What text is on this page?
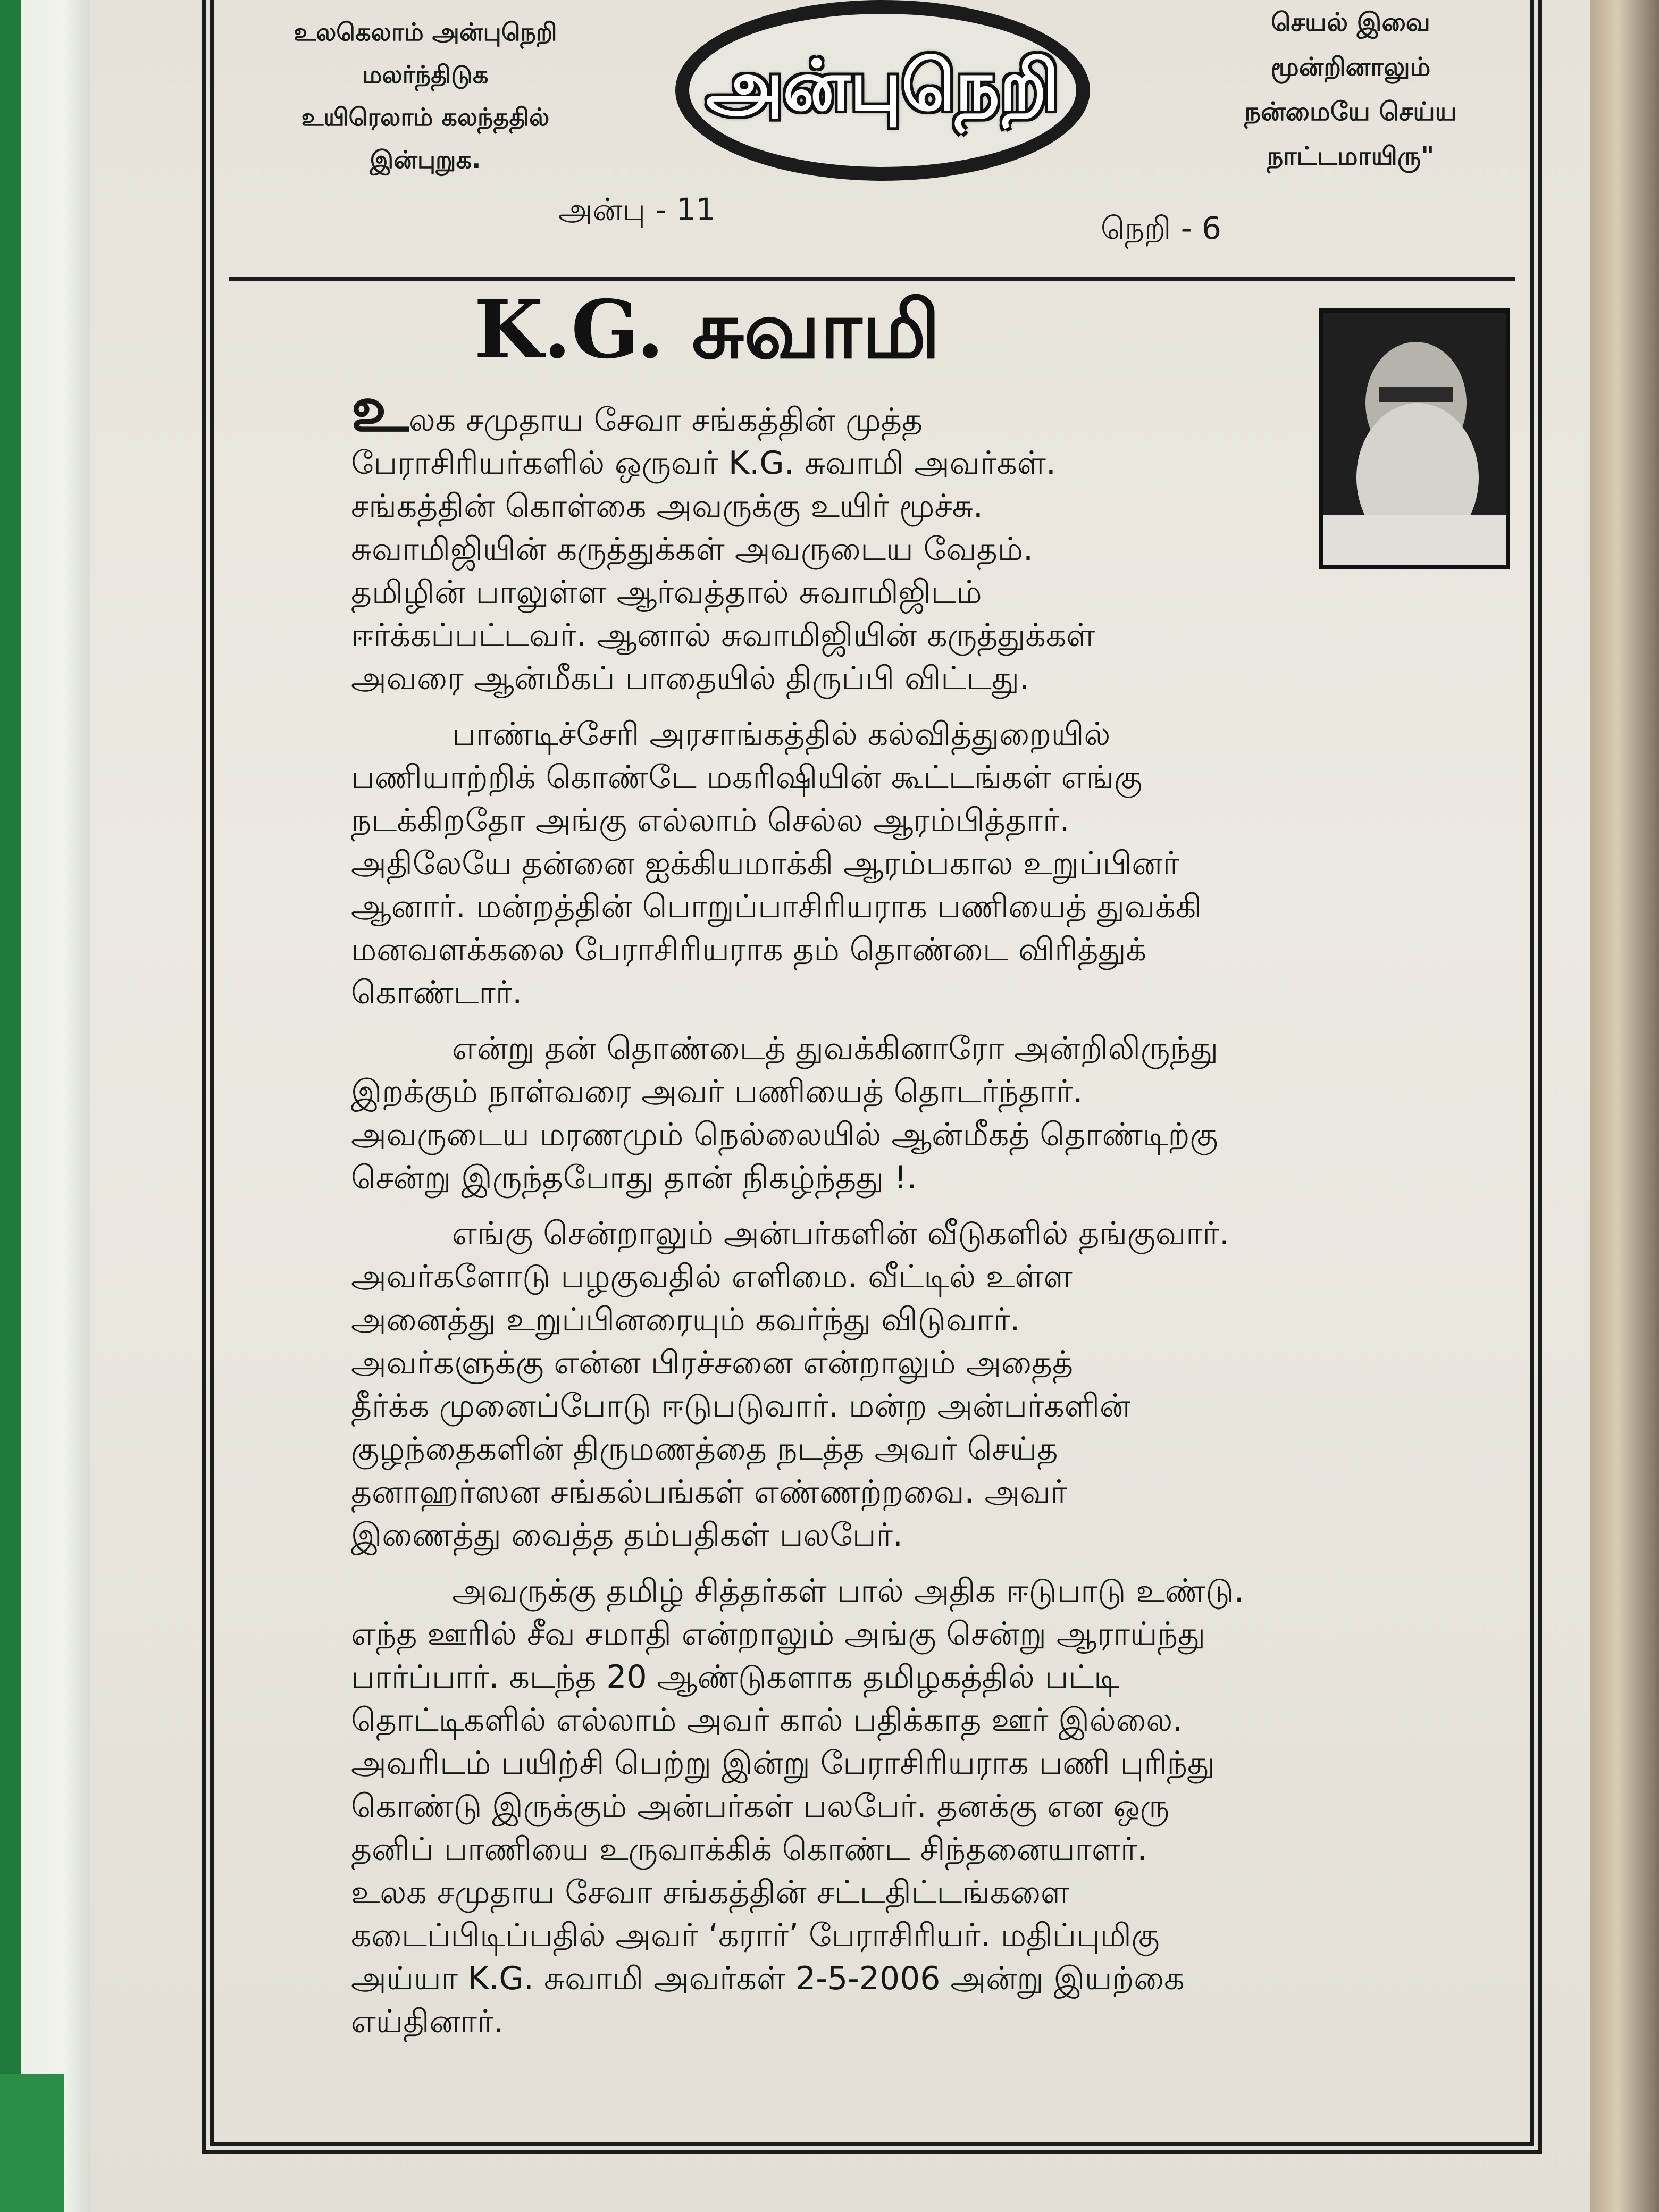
உலகெலாம் அன்புநெறி
மலர்ந்திடுக
உயிரெலாம் கலந்ததில்
இன்புறுக.
அன்புநெறி
செயல் இவை
மூன்றினாலும்
நன்மையே செய்ய
நாட்டமாயிரு"
அன்பு - 11
நெறி - 6
K.G. சுவாமி

உலக சமுதாய சேவா சங்கத்தின் முத்த
பேராசிரியர்களில் ஒருவர் K.G. சுவாமி அவர்கள்.
சங்கத்தின் கொள்கை அவருக்கு உயிர் மூச்சு.
சுவாமிஜியின் கருத்துக்கள் அவருடைய வேதம்.
தமிழின் பாலுள்ள ஆர்வத்தால் சுவாமிஜிடம்
ஈர்க்கப்பட்டவர். ஆனால் சுவாமிஜியின் கருத்துக்கள்
அவரை ஆன்மீகப் பாதையில் திருப்பி விட்டது.

பாண்டிச்சேரி அரசாங்கத்தில் கல்வித்துறையில்
பணியாற்றிக் கொண்டே மகரிஷியின் கூட்டங்கள் எங்கு
நடக்கிறதோ அங்கு எல்லாம் செல்ல ஆரம்பித்தார்.
அதிலேயே தன்னை ஐக்கியமாக்கி ஆரம்பகால உறுப்பினர்
ஆனார். மன்றத்தின் பொறுப்பாசிரியராக பணியைத் துவக்கி
மனவளக்கலை பேராசிரியராக தம் தொண்டை விரித்துக்
கொண்டார்.

என்று தன் தொண்டைத் துவக்கினாரோ அன்றிலிருந்து
இறக்கும் நாள்வரை அவர் பணியைத் தொடர்ந்தார்.
அவருடைய மரணமும் நெல்லையில் ஆன்மீகத் தொண்டிற்கு
சென்று இருந்தபோது தான் நிகழ்ந்தது !.

எங்கு சென்றாலும் அன்பர்களின் வீடுகளில் தங்குவார்.
அவர்களோடு பழகுவதில் எளிமை. வீட்டில் உள்ள
அனைத்து உறுப்பினரையும் கவர்ந்து விடுவார்.
அவர்களுக்கு என்ன பிரச்சனை என்றாலும் அதைத்
தீர்க்க முனைப்போடு ஈடுபடுவார். மன்ற அன்பர்களின்
குழந்தைகளின் திருமணத்தை நடத்த அவர் செய்த
தனாஹர்ஸன சங்கல்பங்கள் எண்ணற்றவை. அவர்
இணைத்து வைத்த தம்பதிகள் பலபேர்.

அவருக்கு தமிழ் சித்தர்கள் பால் அதிக ஈடுபாடு உண்டு.
எந்த ஊரில் சீவ சமாதி என்றாலும் அங்கு சென்று ஆராய்ந்து
பார்ப்பார். கடந்த 20 ஆண்டுகளாக தமிழகத்தில் பட்டி
தொட்டிகளில் எல்லாம் அவர் கால் பதிக்காத ஊர் இல்லை.
அவரிடம் பயிற்சி பெற்று இன்று பேராசிரியராக பணி புரிந்து
கொண்டு இருக்கும் அன்பர்கள் பலபேர். தனக்கு என ஒரு
தனிப் பாணியை உருவாக்கிக் கொண்ட சிந்தனையாளர்.
உலக சமுதாய சேவா சங்கத்தின் சட்டதிட்டங்களை
கடைப்பிடிப்பதில் அவர் ‘கரார்’ பேராசிரியர். மதிப்புமிகு
அய்யா K.G. சுவாமி அவர்கள் 2-5-2006 அன்று இயற்கை
எய்தினார்.
